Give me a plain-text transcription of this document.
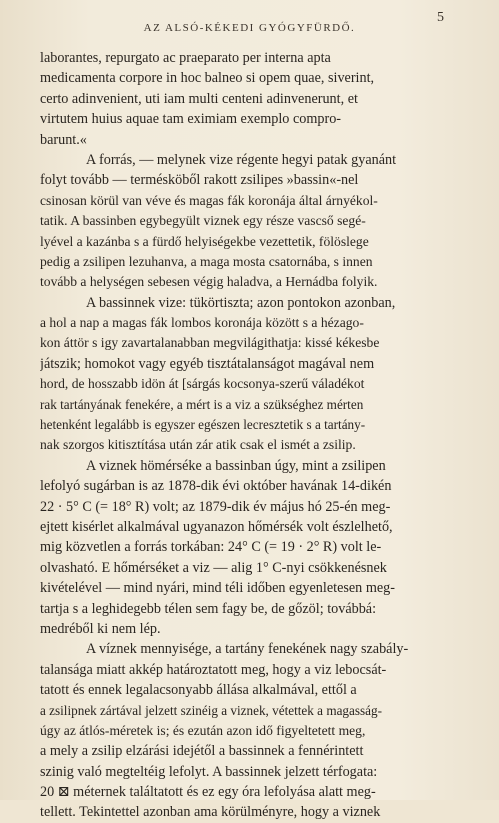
5
AZ ALSÓ-KÉKEDI GYÓGYFÜRDŐ.
laborantes, repurgato ac praeparato per interna apta
medicamenta corpore in hoc balneo si opem quae, siverint,
certo adinvenient, uti iam multi centeni adinvenerunt, et
virtutem huius aquae tam eximiam exemplo compro-
barunt.«
A forrás, — melynek vize régente hegyi patak gyanánt
folyt tovább — termésköből rakott zsilipes »bassin«-nel
csinosan körül van véve és magas fák koronája által árnyékol-
tatik. A bassinben egybegyült viznek egy része vascső segé-
lyével a kazánba s a fürdő helyiségekbe vezettetik, fölöslege
pedig a zsilipen lezuhanva, a maga mosta csatornába, s innen
tovább a helységen sebesen végig haladva, a Hernádba folyik.
A bassinnek vize: tükörtiszta; azon pontokon azonban,
a hol a nap a magas fák lombos koronája között s a hézago-
kon áttör s igy zavartalanabban megvilágithatja: kissé kékesbe
játszik; homokot vagy egyéb tisztátalanságot magával nem
hord, de hosszabb idön át [sárgás kocsonya-szerű váladékot
rak tartányának fenekére, a mért is a viz a szükséghez mérten
hetenként legalább is egyszer egészen lecresztetik s a tartány-
nak szorgos kitisztítása után zár atik csak el ismét a zsilip.
A viznek hömérséke a bassinban úgy, mint a zsilipen
lefolyó sugárban is az 1878-dik évi október havának 14-dikén
22 · 5° C (= 18° R) volt; az 1879-dik év május hó 25-én meg-
ejtett kisérlet alkalmával ugyanazon hőmérsék volt észlelhető,
mig közvetlen a forrás torkában: 24° C (= 19 · 2° R) volt le-
olvasható. E hőmérséket a viz — alig 1° C-nyi csökkenésnek
kivételével — mind nyári, mind téli időben egyenletesen meg-
tartja s a leghidegebb télen sem fagy be, de gőzöl; továbbá:
medréből ki nem lép.
A víznek mennyisége, a tartány fenekének nagy szabály-
talansága miatt akkép határoztatott meg, hogy a viz lebocsát-
tatott és ennek legalacsonyabb állása alkalmával, ettől a
a zsilipnek zártával jelzett szinéig a viznek, vétettek a magasság-
úgy az átlós-méretek is; és ezután azon idő figyeltetett meg,
a mely a zsilip elzárási idejétől a bassinnek a fennérintett
szinig való megteltéig lefolyt. A bassinnek jelzett térfogata:
20 ⊠ méternek találtatott és ez egy óra lefolyása alatt meg-
tellett. Tekintettel azonban ama körülményre, hogy a viznek
